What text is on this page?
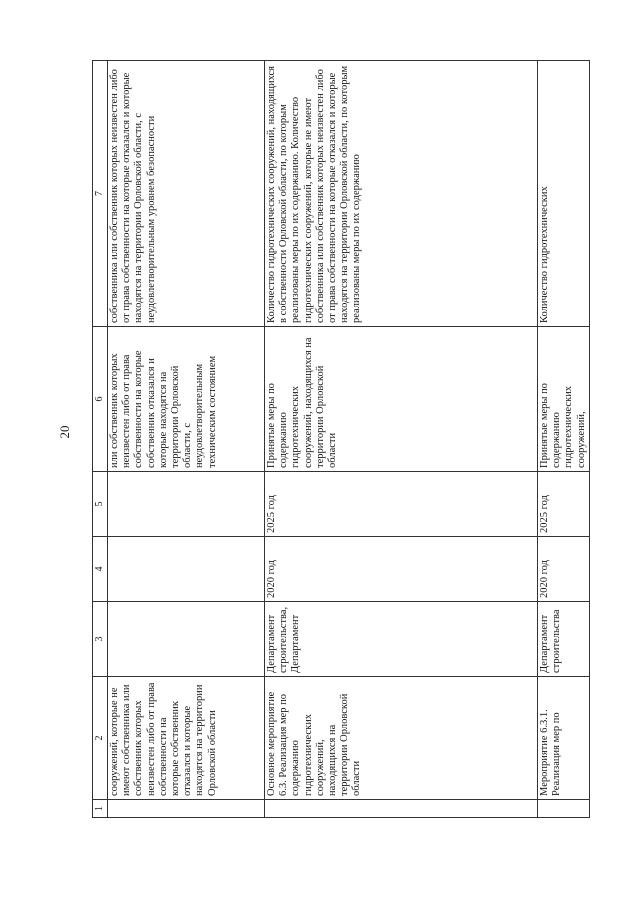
20
1	2	3	4	5	6	7
	сооружений, которые не имеют собственника или собственник которых неизвестен либо от права собственности на которые собственник отказался и которые находятся на территории Орловской области				или собственник которых неизвестен либо от права собственности на которые собственник отказался и которые находятся на территории Орловской области, с неудовлетворительным техническим состоянием	собственника или собственник которых неизвестен либо от права собственности на которые отказался и которые находятся на территории Орловской области, с неудовлетворительным уровнем безопасности
	Основное мероприятие 6.3. Реализация мер по содержанию гидротехнических сооружений, находящихся на территории Орловской области	Департамент строительства, Департамент	2020 год	2025 год	Принятые меры по содержанию гидротехнических сооружений, находящихся на территории Орловской области	Количество гидротехнических сооружений, находящихся в собственности Орловской области, по которым реализованы меры по их содержанию. Количество гидротехнических сооружений, которые не имеют собственника или собственник которых неизвестен либо от права собственности на которые отказался и которые находятся на территории Орловской области, по которым реализованы меры по их содержанию
	Мероприятие 6.3.1. Реализация мер по	Департамент строительства	2020 год	2025 год	Принятые меры по содержанию гидротехнических сооружений,	Количество гидротехнических
